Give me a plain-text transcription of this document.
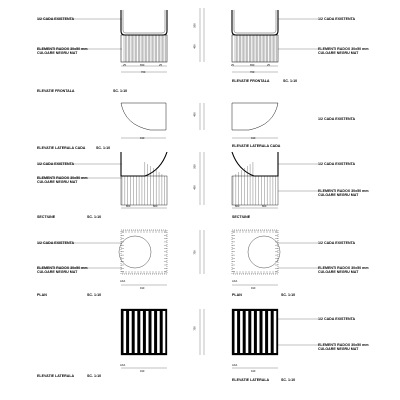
1/2 CADA EXISTENTA
ELEMENTI RADOX 30x50 mm
CULOARE NEGRU MAT
ELEVATIE FRONTALA	SC. 1:10
1/2 CADA EXISTENTA
ELEMENTI RADOX 30x50 mm
CULOARE NEGRU MAT
ELEVATIE FRONTALA	SC. 1:10
25	650	25
700
25	650	25
700
500
400
ELEVATIE LATERALA CADA	SC. 1:10
1/2 CADA EXISTENTA
ELEVATIE LATERALA CADA
910	910
400
1/2 CADA EXISTENTA
ELEMENTI RADOX 30x50 mm
CULOARE NEGRU MAT
SECTIUNE	SC. 1:10
1/2 CADA EXISTENTA
ELEMENTI RADOX 30x50 mm
CULOARE NEGRU MAT
SECTIUNE
800	800	800	800
500
400
1/2 CADA EXISTENTA
ELEMENTI RADOX 30x50 mm
CULOARE NEGRU MAT
PLAN	SC. 1:10
1/2 CADA EXISTENTA
ELEMENTI RADOX 30x50 mm
CULOARE NEGRU MAT
PLAN	SC. 1:10
AXA
910
AXA
910
700
ELEVATIE LATERALA	SC. 1:10
1/2 CADA EXISTENTA
ELEMENTI RADOX 30x50 mm
CULOARE NEGRU MAT
ELEVATIE LATERALA	SC. 1:10
AXA
910
AXA
910
700
